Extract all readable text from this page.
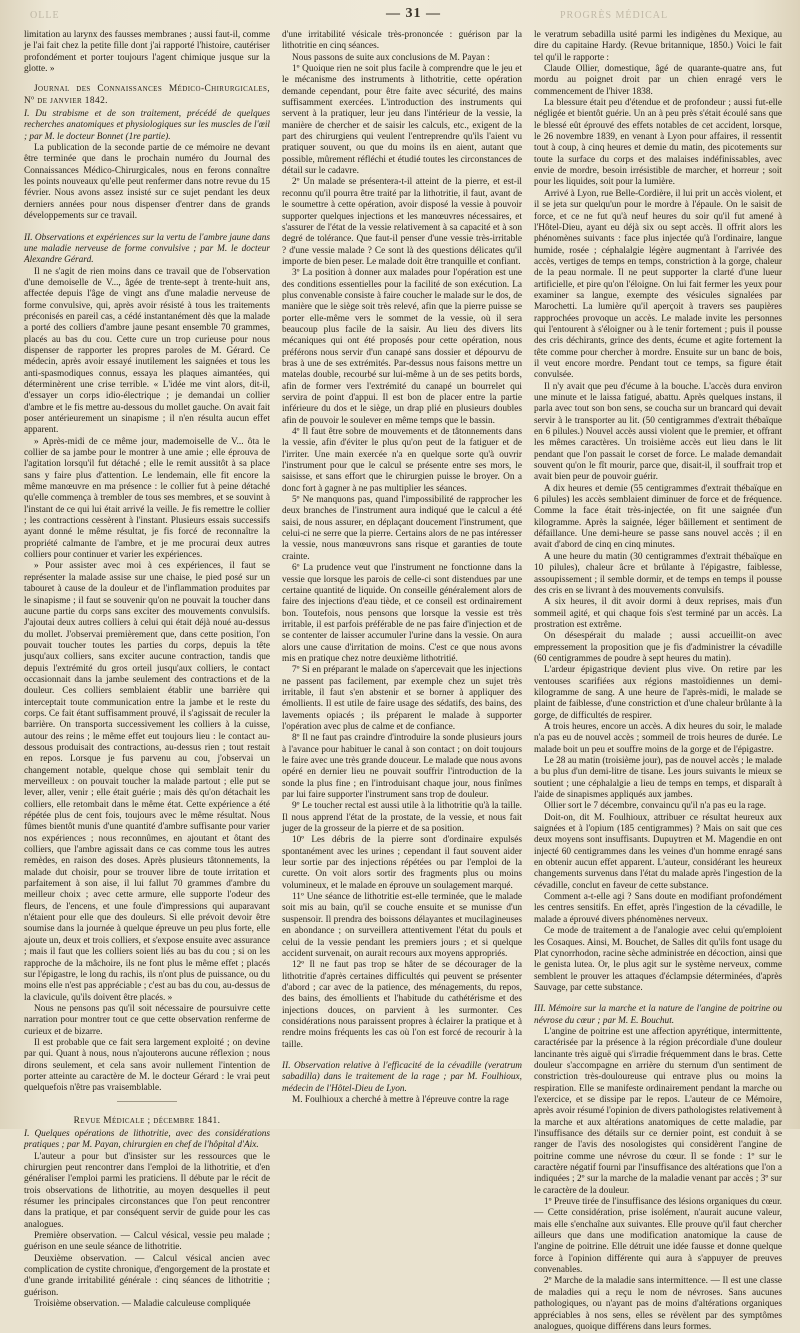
OLLE	— 31 —	PROGRÈS MÉDICAL

limitation au larynx des fausses membranes ; aussi faut-il, comme je l'ai fait chez la petite fille dont j'ai rapporté l'histoire, cautériser profondément et porter toujours l'agent chimique jusque sur la glotte. »

Journal des Connaissances Médico-Chirurgicales, Nº de janvier 1842.

I. Du strabisme et de son traitement, précédé de quelques recherches anatomiques et physiologiques sur les muscles de l'œil ; par M. le docteur Bonnet (1re partie).

La publication de la seconde partie de ce mémoire ne devant être terminée que dans le prochain numéro du Journal des Connaissances Médico-Chirurgicales, nous en ferons connaître les points nouveaux qu'elle peut renfermer dans notre revue du 15 février. Nous avons assez insisté sur ce sujet pendant les deux derniers années pour nous dispenser d'entrer dans de grands développements sur ce travail.

II. Observations et expériences sur la vertu de l'ambre jaune dans une maladie nerveuse de forme convulsive ; par M. le docteur Alexandre Gérard.

Il ne s'agit de rien moins dans ce travail que de l'observation d'une demoiselle de V..., âgée de trente-sept à trente-huit ans, affectée depuis l'âge de vingt ans d'une maladie nerveuse de forme convulsive, qui, après avoir résisté à tous les traitements préconisés en pareil cas, a cédé instantanément dès que la malade a porté des colliers d'ambre jaune pesant ensemble 70 grammes, placés au bas du cou. Cette cure un trop curieuse pour nous dispenser de rapporter les propres paroles de M. Gérard. Ce médecin, après avoir essayé inutilement les saignées et tous les anti-spasmodiques connus, essaya les plaques aimantées, qui déterminèrent une crise terrible. « L'idée me vint alors, dit-il, d'essayer un corps idio-électrique ; je demandai un collier d'ambre et le fis mettre au-dessous du mollet gauche. On avait fait poser antérieurement un sinapisme ; il n'en résulta aucun effet apparent.

» Après-midi de ce même jour, mademoiselle de V... ôta le collier de sa jambe pour le montrer à une amie ; elle éprouva de l'agitation lorsqu'il fut détaché ; elle le remit aussitôt à sa place sans y faire plus d'attention. Le lendemain, elle fit encore la même manœuvre en ma présence : le collier fut à peine détaché qu'elle commença à trembler de tous ses membres, et se souvint à l'instant de ce qui lui était arrivé la veille. Je fis remettre le collier ; les contractions cessèrent à l'instant. Plusieurs essais successifs ayant donné le même résultat, je fis forcé de reconnaître la propriété calmante de l'ambre, et je me procurai deux autres colliers pour continuer et varier les expériences.

» Pour assister avec moi à ces expériences, il faut se représenter la malade assise sur une chaise, le pied posé sur un tabouret à cause de la douleur et de l'inflammation produites par le sinapisme ; il faut se souvenir qu'on ne pouvait la toucher dans aucune partie du corps sans exciter des mouvements convulsifs. J'ajoutai deux autres colliers à celui qui était déjà noué au-dessus du mollet. J'observai premièrement que, dans cette position, l'on pouvait toucher toutes les parties du corps, depuis la tête jusqu'aux colliers, sans exciter aucune contraction, tandis que depuis l'extrémité du gros orteil jusqu'aux colliers, le contact occasionnait dans la jambe seulement des contractions et de la douleur. Ces colliers semblaient établir une barrière qui interceptait toute communication entre la jambe et le reste du corps. Ce fait étant suffisamment prouvé, il s'agissait de reculer la barrière. On transporta successivement les colliers à la cuisse, autour des reins ; le même effet eut toujours lieu : le contact au-dessous produisait des contractions, au-dessus rien ; tout restait en repos. Lorsque je fus parvenu au cou, j'observai un changement notable, quelque chose qui semblait tenir du merveilleux : on pouvait toucher la malade partout ; elle put se lever, aller, venir ; elle était guérie ; mais dès qu'on détachait les colliers, elle retombait dans le même état. Cette expérience a été répétée plus de cent fois, toujours avec le même résultat. Nous fûmes bientôt munis d'une quantité d'ambre suffisante pour varier nos expériences ; nous reconnûmes, en ajoutant et ôtant des colliers, que l'ambre agissait dans ce cas comme tous les autres remèdes, en raison des doses. Après plusieurs tâtonnements, la malade dut choisir, pour se trouver libre de toute irritation et parfaitement à son aise, il lui fallut 70 grammes d'ambre du meilleur choix ; avec cette armure, elle supporte l'odeur des fleurs, de l'encens, et une foule d'impressions qui auparavant n'étaient pour elle que des douleurs. Si elle prévoit devoir être soumise dans la journée à quelque épreuve un peu plus forte, elle ajoute un, deux et trois colliers, et s'expose ensuite avec assurance ; mais il faut que les colliers soient liés au bas du cou ; si on les rapproche de la mâchoire, ils ne font plus le même effet ; placés sur l'épigastre, le long du rachis, ils n'ont plus de puissance, ou du moins elle n'est pas appréciable ; c'est au bas du cou, au-dessus de la clavicule, qu'ils doivent être placés. »

Nous ne pensons pas qu'il soit nécessaire de poursuivre cette narration pour montrer tout ce que cette observation renferme de curieux et de bizarre.

Il est probable que ce fait sera largement exploité ; on devine par qui. Quant à nous, nous n'ajouterons aucune réflexion ; nous dirons seulement, et cela sans avoir nullement l'intention de porter atteinte au caractère de M. le docteur Gérard : le vrai peut quelquefois n'être pas vraisemblable.

Revue Médicale ; décembre 1841.

I. Quelques opérations de lithotritie, avec des considérations pratiques ; par M. Payan, chirurgien en chef de l'hôpital d'Aix.

L'auteur a pour but d'insister sur les ressources que le chirurgien peut rencontrer dans l'emploi de la lithotritie, et d'en généraliser l'emploi parmi les praticiens. Il débute par le récit de trois observations de lithotritie, au moyen desquelles il peut résumer les principales circonstances que l'on peut rencontrer dans la pratique, et par conséquent servir de guide pour les cas analogues.

Première observation. — Calcul vésical, vessie peu malade ; guérison en une seule séance de lithotritie.

Deuxième observation. — Calcul vésical ancien avec complication de cystite chronique, d'engorgement de la prostate et d'une grande irritabilité générale : cinq séances de lithotritie ; guérison.

Troisième observation. — Maladie calculeuse compliquée

d'une irritabilité vésicale très-prononcée : guérison par la lithotritie en cinq séances.

Nous passons de suite aux conclusions de M. Payan :

1º Quoique rien ne soit plus facile à comprendre que le jeu et le mécanisme des instruments à lithotritie, cette opération demande cependant, pour être faite avec sécurité, des mains suffisamment exercées. L'introduction des instruments qui servent à la pratiquer, leur jeu dans l'intérieur de la vessie, la manière de chercher et de saisir les calculs, etc., exigent de la part des chirurgiens qui veulent l'entreprendre qu'ils l'aient vu pratiquer souvent, ou que du moins ils en aient, autant que possible, mûrement réfléchi et étudié toutes les circonstances de détail sur le cadavre.

2º Un malade se présentera-t-il atteint de la pierre, et est-il reconnu qu'il pourra être traité par la lithotritie, il faut, avant de le soumettre à cette opération, avoir disposé la vessie à pouvoir supporter quelques injections et les manœuvres nécessaires, et s'assurer de l'état de la vessie relativement à sa capacité et à son degré de tolérance. Que faut-il penser d'une vessie très-irritable ? d'une vessie malade ? Ce sont là des questions délicates qu'il importe de bien peser. Le malade doit être tranquille et confiant.

3º La position à donner aux malades pour l'opération est une des conditions essentielles pour la facilité de son exécution. La plus convenable consiste à faire coucher le malade sur le dos, de manière que le siège soit très relevé, afin que la pierre puisse se porter elle-même vers le sommet de la vessie, où il sera beaucoup plus facile de la saisir. Au lieu des divers lits mécaniques qui ont été proposés pour cette opération, nous préférons nous servir d'un canapé sans dossier et dépourvu de bras à une de ses extrémités. Par-dessus nous faisons mettre un matelas double, recourbé sur lui-même à un de ses petits bords, afin de former vers l'extrémité du canapé un bourrelet qui servira de point d'appui. Il est bon de placer entre la partie inférieure du dos et le siège, un drap plié en plusieurs doubles afin de pouvoir le soulever en même temps que le bassin.

4º Il faut être sobre de mouvements et de tâtonnements dans la vessie, afin d'éviter le plus qu'on peut de la fatiguer et de l'irriter. Une main exercée n'a en quelque sorte qu'à ouvrir l'instrument pour que le calcul se présente entre ses mors, le saisisse, et sans effort que le chirurgien puisse le broyer. On a donc fort à gagner à ne pas multiplier les séances.

5º Ne manquons pas, quand l'impossibilité de rapprocher les deux branches de l'instrument aura indiqué que le calcul a été saisi, de nous assurer, en déplaçant doucement l'instrument, que celui-ci ne serre que la pierre. Certains alors de ne pas intéresser la vessie, nous manœuvrons sans risque et garanties de toute crainte.

6º La prudence veut que l'instrument ne fonctionne dans la vessie que lorsque les parois de celle-ci sont distendues par une certaine quantité de liquide. On conseille généralement alors de faire des injections d'eau tiède, et ce conseil est ordinairement bon. Toutefois, nous pensons que lorsque la vessie est très irritable, il est parfois préférable de ne pas faire d'injection et de se contenter de laisser accumuler l'urine dans la vessie. On aura alors une cause d'irritation de moins. C'est ce que nous avons mis en pratique chez notre deuxième lithotritié.

7º Si en préparant le malade on s'apercevait que les injections ne passent pas facilement, par exemple chez un sujet très irritable, il faut s'en abstenir et se borner à appliquer des émollients. Il est utile de faire usage des sédatifs, des bains, des lavements opiacés ; ils préparent le malade à supporter l'opération avec plus de calme et de confiance.

8º Il ne faut pas craindre d'introduire la sonde plusieurs jours à l'avance pour habituer le canal à son contact ; on doit toujours le faire avec une très grande douceur. Le malade que nous avons opéré en dernier lieu ne pouvait souffrir l'introduction de la sonde la plus fine ; en l'introduisant chaque jour, nous finîmes par lui faire supporter l'instrument sans trop de douleur.

9º Le toucher rectal est aussi utile à la lithotritie qu'à la taille. Il nous apprend l'état de la prostate, de la vessie, et nous fait juger de la grosseur de la pierre et de sa position.

10º Les débris de la pierre sont d'ordinaire expulsés spontanément avec les urines ; cependant il faut souvent aider leur sortie par des injections répétées ou par l'emploi de la curette. On voit alors sortir des fragments plus ou moins volumineux, et le malade en éprouve un soulagement marqué.

11º Une séance de lithotritie est-elle terminée, que le malade soit mis au bain, qu'il se couche ensuite et se munisse d'un suspensoir. Il prendra des boissons délayantes et mucilagineuses en abondance ; on surveillera attentivement l'état du pouls et celui de la vessie pendant les premiers jours ; et si quelque accident survenait, on aurait recours aux moyens appropriés.

12º Il ne faut pas trop se hâter de se décourager de la lithotritie d'après certaines difficultés qui peuvent se présenter d'abord ; car avec de la patience, des ménagements, du repos, des bains, des émollients et l'habitude du cathétérisme et des injections douces, on parvient à les surmonter. Ces considérations nous paraissent propres à éclairer la pratique et à rendre moins fréquents les cas où l'on est forcé de recourir à la taille.

II. Observation relative à l'efficacité de la cévadille (veratrum sabadilla) dans le traitement de la rage ; par M. Foulhioux, médecin de l'Hôtel-Dieu de Lyon.

M. Foulhioux a cherché à mettre à l'épreuve contre la rage

le veratrum sebadilla usité parmi les indigènes du Mexique, au dire du capitaine Hardy. (Revue britannique, 1850.) Voici le fait tel qu'il le rapporte :

Claude Ollier, domestique, âgé de quarante-quatre ans, fut mordu au poignet droit par un chien enragé vers le commencement de l'hiver 1838.

La blessure était peu d'étendue et de profondeur ; aussi fut-elle négligée et bientôt guérie. Un an à peu près s'était écoulé sans que le blessé eût éprouvé des effets notables de cet accident, lorsque, le 26 novembre 1839, en venant à Lyon pour affaires, il ressentit tout à coup, à cinq heures et demie du matin, des picotements sur toute la surface du corps et des malaises indéfinissables, avec envie de mordre, besoin irrésistible de marcher, et horreur ; soit pour les liquides, soit pour la lumière.

Arrivé à Lyon, rue Belle-Cordière, il lui prit un accès violent, et il se jeta sur quelqu'un pour le mordre à l'épaule. On le saisit de force, et ce ne fut qu'à neuf heures du soir qu'il fut amené à l'Hôtel-Dieu, ayant eu déjà six ou sept accès. Il offrit alors les phénomènes suivants : face plus injectée qu'à l'ordinaire, langue humide, rosée ; céphalalgie légère augmentant à l'arrivée des accès, vertiges de temps en temps, constriction à la gorge, chaleur de la peau normale. Il ne peut supporter la clarté d'une lueur artificielle, et pire qu'on l'éloigne. On lui fait fermer les yeux pour examiner sa langue, exempte des vésicules signalées par Marochetti. La lumière qu'il aperçoit à travers ses paupières rapprochées provoque un accès. Le malade invite les personnes qui l'entourent à s'éloigner ou à le tenir fortement ; puis il pousse des cris déchirants, grince des dents, écume et agite fortement la tête comme pour chercher à mordre. Ensuite sur un banc de bois, il veut encore mordre. Pendant tout ce temps, sa figure était convulsée.

Il n'y avait que peu d'écume à la bouche. L'accès dura environ une minute et le laissa fatigué, abattu. Après quelques instans, il parla avec tout son bon sens, se coucha sur un brancard qui devait servir à le transporter au lit. (50 centigrammes d'extrait thébaïque en 6 pilules.) Nouvel accès aussi violent que le premier, et offrant les mêmes caractères. Un troisième accès eut lieu dans le lit pendant que l'on passait le corset de force. Le malade demandait souvent qu'on le fît mourir, parce que, disait-il, il souffrait trop et avait bien peur de pouvoir guérir.

A dix heures et demie (55 centigrammes d'extrait thébaïque en 6 pilules) les accès semblaient diminuer de force et de fréquence. Comme la face était très-injectée, on fit une saignée d'un kilogramme. Après la saignée, léger bâillement et sentiment de défaillance. Une demi-heure se passe sans nouvel accès ; il en avait d'abord de cinq en cinq minutes.

A une heure du matin (30 centigrammes d'extrait thébaïque en 10 pilules), chaleur âcre et brûlante à l'épigastre, faiblesse, assoupissement ; il semble dormir, et de temps en temps il pousse des cris en se livrant à des mouvements convulsifs.

A six heures, il dit avoir dormi à deux reprises, mais d'un sommeil agité, et qui chaque fois s'est terminé par un accès. La prostration est extrême.

On désespérait du malade ; aussi accueillit-on avec empressement la proposition que je fis d'administrer la cévadille (60 centigrammes de poudre à sept heures du matin).

L'ardeur épigastrique devient plus vive. On retire par les ventouses scarifiées aux régions mastoïdiennes un demi-kilogramme de sang. A une heure de l'après-midi, le malade se plaint de faiblesse, d'une constriction et d'une chaleur brûlante à la gorge, de difficultés de respirer.

A trois heures, encore un accès. A dix heures du soir, le malade n'a pas eu de nouvel accès ; sommeil de trois heures de durée. Le malade boit un peu et souffre moins de la gorge et de l'épigastre.

Le 28 au matin (troisième jour), pas de nouvel accès ; le malade a bu plus d'un demi-litre de tisane. Les jours suivants le mieux se soutient ; une céphalalgie a lieu de temps en temps, et disparaît à l'aide de sinapismes appliqués aux jambes.

Ollier sort le 7 décembre, convaincu qu'il n'a pas eu la rage.

Doit-on, dit M. Foulhioux, attribuer ce résultat heureux aux saignées et à l'opium (185 centigrammes) ? Mais on sait que ces deux moyens sont insuffisants. Dupuytren et M. Magendie en ont injecté 60 centigrammes dans les veines d'un homme enragé sans en obtenir aucun effet apparent. L'auteur, considérant les heureux changements survenus dans l'état du malade après l'ingestion de la cévadille, conclut en faveur de cette substance.

Comment a-t-elle agi ? Sans doute en modifiant profondément les centres sensitifs. En effet, après l'ingestion de la cévadille, le malade a éprouvé divers phénomènes nerveux.

Ce mode de traitement a de l'analogie avec celui qu'emploient les Cosaques. Ainsi, M. Bouchet, de Salles dit qu'ils font usage du Plat cynorrhodon, racine sèche administrée en décoction, ainsi que le genista lutea. Or, le plus agit sur le système nerveux, comme semblent le prouver les attaques d'éclampsie déterminées, d'après Sauvage, par cette substance.

III. Mémoire sur la marche et la nature de l'angine de poitrine ou névrose du cœur ; par M. E. Bouchut.

L'angine de poitrine est une affection apyrétique, intermittente, caractérisée par la présence à la région précordiale d'une douleur lancinante très aiguë qui s'irradie fréquemment dans le bras. Cette douleur s'accompagne en arrière du sternum d'un sentiment de constriction très-douloureuse qui entrave plus ou moins la respiration. Elle se manifeste ordinairement pendant la marche ou l'exercice, et se dissipe par le repos. L'auteur de ce Mémoire, après avoir résumé l'opinion de divers pathologistes relativement à la marche et aux altérations anatomiques de cette maladie, par l'insuffisance des détails sur ce dernier point, est conduit à se ranger de l'avis des nosologistes qui considèrent l'angine de poitrine comme une névrose du cœur. Il se fonde : 1º sur le caractère négatif fourni par l'insuffisance des altérations que l'on a indiquées ; 2º sur la marche de la maladie venant par accès ; 3º sur le caractère de la douleur.

1º Preuve tirée de l'insuffisance des lésions organiques du cœur. — Cette considération, prise isolément, n'aurait aucune valeur, mais elle s'enchaîne aux suivantes. Elle prouve qu'il faut chercher ailleurs que dans une modification anatomique la cause de l'angine de poitrine. Elle détruit une idée fausse et donne quelque force à l'opinion différente qui aura à s'appuyer de preuves convenables.

2º Marche de la maladie sans intermittence. — Il est une classe de maladies qui a reçu le nom de névroses. Sans aucunes pathologiques, ou n'ayant pas de moins d'altérations organiques appréciables à nos sens, elles se révèlent par des symptômes analogues, quoique différens dans leurs formes.
